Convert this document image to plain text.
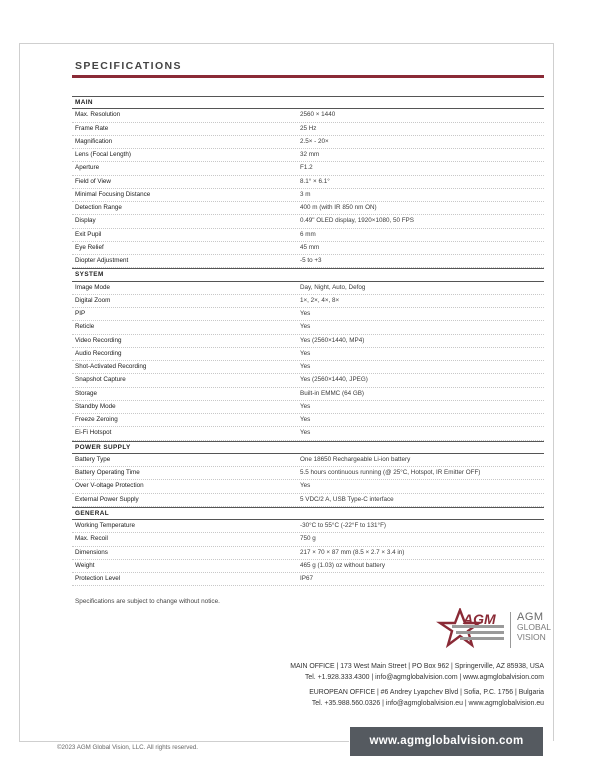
SPECIFICATIONS
MAIN
Max. Resolution	2560 × 1440
Frame Rate	25 Hz
Magnification	2.5× - 20×
Lens (Focal Length)	32 mm
Aperture	F1.2
Field of View	8.1° × 6.1°
Minimal Focusing Distance	3 m
Detection Range	400 m (with IR 850 nm ON)
Display	0.49" OLED display, 1920×1080, 50 FPS
Exit Pupil	6 mm
Eye Relief	45 mm
Diopter Adjustment	-5 to +3
SYSTEM
Image Mode	Day, Night, Auto, Defog
Digital Zoom	1×, 2×, 4×, 8×
PIP	Yes
Reticle	Yes
Video Recording	Yes (2560×1440, MP4)
Audio Recording	Yes
Shot-Activated Recording	Yes
Snapshot Capture	Yes (2560×1440, JPEG)
Storage	Built-in EMMC (64 GB)
Standby Mode	Yes
Freeze Zeroing	Yes
Ei-Fi Hotspot	Yes
POWER SUPPLY
Battery Type	One 18650 Rechargeable Li-ion battery
Battery Operating Time	5.5 hours continuous running (@ 25°C, Hotspot, IR Emitter OFF)
Over V-oltage Protection	Yes
External Power Supply	5 VDC/2 A, USB Type-C interface
GENERAL
Working Temperature	-30°C to 55°C (-22°F to 131°F)
Max. Recoil	750 g
Dimensions	217 × 70 × 87 mm (8.5 × 2.7 × 3.4 in)
Weight	465 g (1.03) oz without battery
Protection Level	IP67
Specifications are subject to change without notice.
AGM AGM
GLOBAL
VISION
MAIN OFFICE | 173 West Main Street | PO Box 962 | Springerville, AZ 85938, USA
Tel. +1.928.333.4300 | info@agmglobalvision.com | www.agmglobalvision.com
EUROPEAN OFFICE | #6 Andrey Lyapchev Blvd | Sofia, P.C. 1756 | Bulgaria
Tel. +35.988.560.0326 | info@agmglobalvision.eu | www.agmglobalvision.eu
www.agmglobalvision.com
©2023 AGM Global Vision, LLC. All rights reserved.
